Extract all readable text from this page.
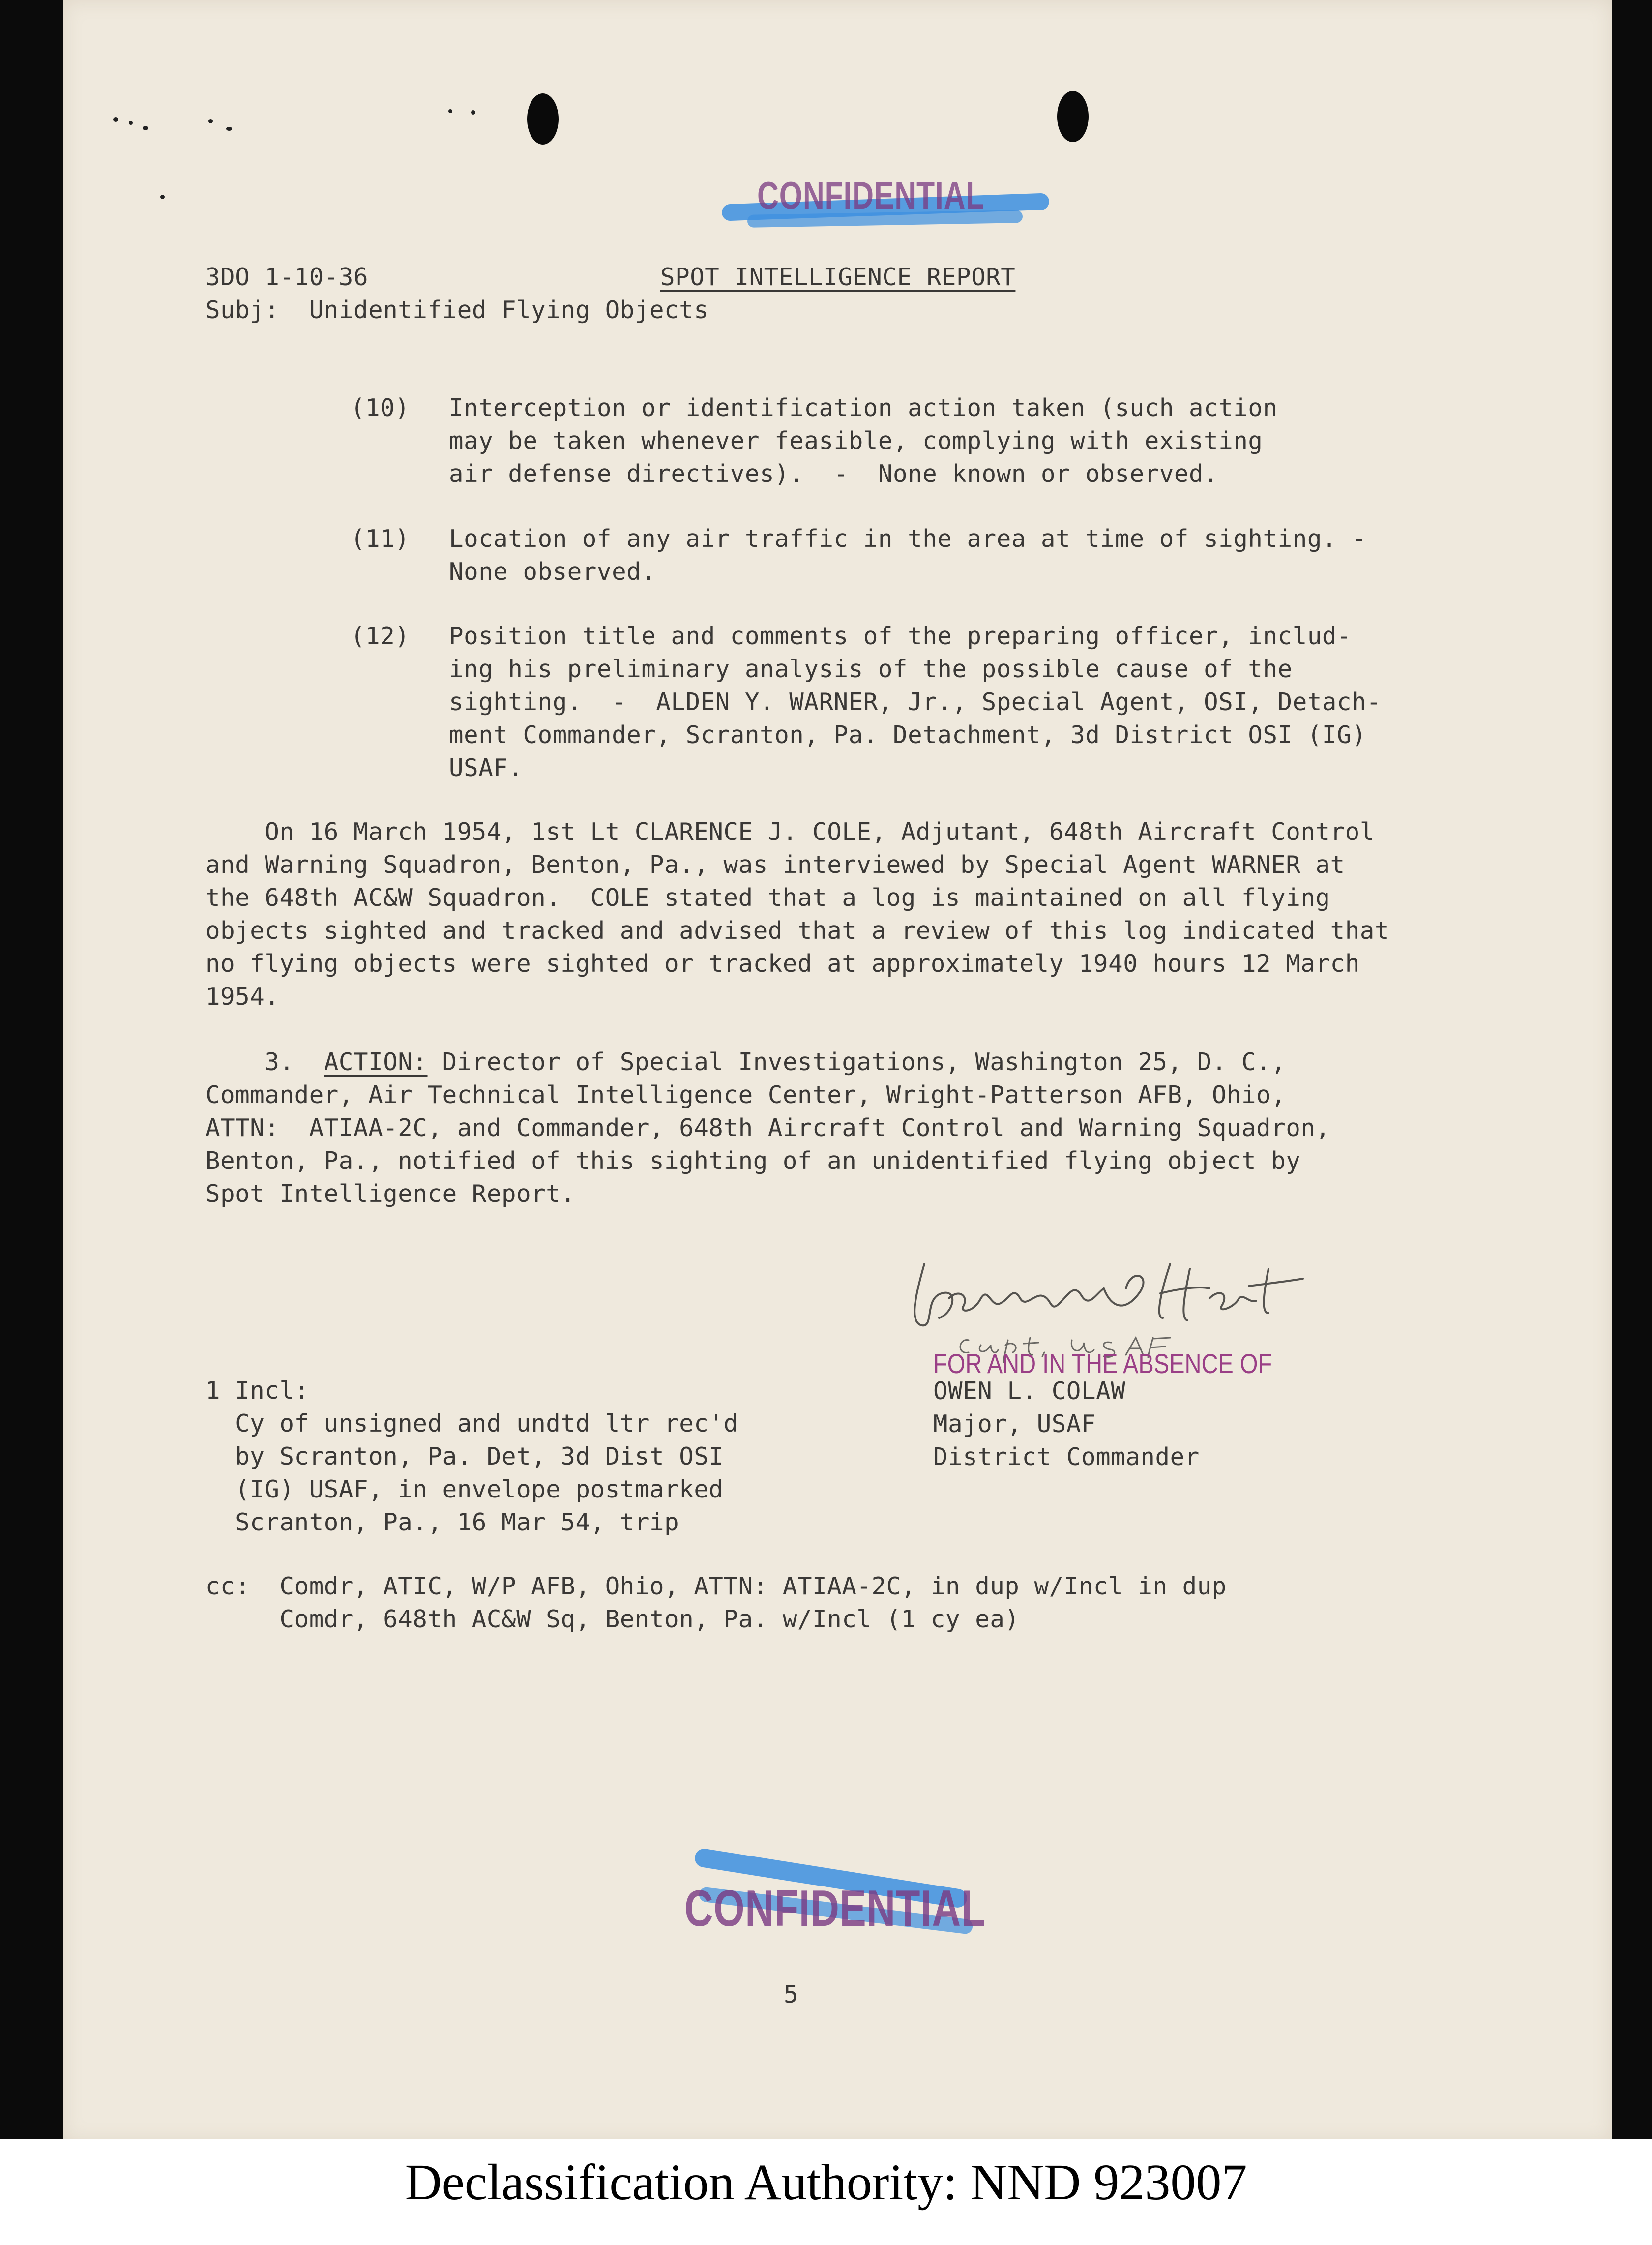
CONFIDENTIAL
3DO 1-10-36	SPOT INTELLIGENCE REPORT
Subj:  Unidentified Flying Objects
(10) Interception or identification action taken (such action
may be taken whenever feasible, complying with existing
air defense directives).  -  None known or observed.
(11) Location of any air traffic in the area at time of sighting. -
None observed.
(12) Position title and comments of the preparing officer, includ-
ing his preliminary analysis of the possible cause of the
sighting.  -  ALDEN Y. WARNER, Jr., Special Agent, OSI, Detach-
ment Commander, Scranton, Pa. Detachment, 3d District OSI (IG)
USAF.
On 16 March 1954, 1st Lt CLARENCE J. COLE, Adjutant, 648th Aircraft Control
and Warning Squadron, Benton, Pa., was interviewed by Special Agent WARNER at
the 648th AC&W Squadron.  COLE stated that a log is maintained on all flying
objects sighted and tracked and advised that a review of this log indicated that
no flying objects were sighted or tracked at approximately 1940 hours 12 March
1954.
3. ACTION: Director of Special Investigations, Washington 25, D. C.,
Commander, Air Technical Intelligence Center, Wright-Patterson AFB, Ohio,
ATTN:  ATIAA-2C, and Commander, 648th Aircraft Control and Warning Squadron,
Benton, Pa., notified of this sighting of an unidentified flying object by
Spot Intelligence Report.
FOR AND IN THE ABSENCE OF
OWEN L. COLAW
Major, USAF
District Commander
1 Incl:
Cy of unsigned and undtd ltr rec'd
by Scranton, Pa. Det, 3d Dist OSI
(IG) USAF, in envelope postmarked
Scranton, Pa., 16 Mar 54, trip
cc:  Comdr, ATIC, W/P AFB, Ohio, ATTN: ATIAA-2C, in dup w/Incl in dup
Comdr, 648th AC&W Sq, Benton, Pa. w/Incl (1 cy ea)
CONFIDENTIAL
5
Declassification Authority: NND 923007
